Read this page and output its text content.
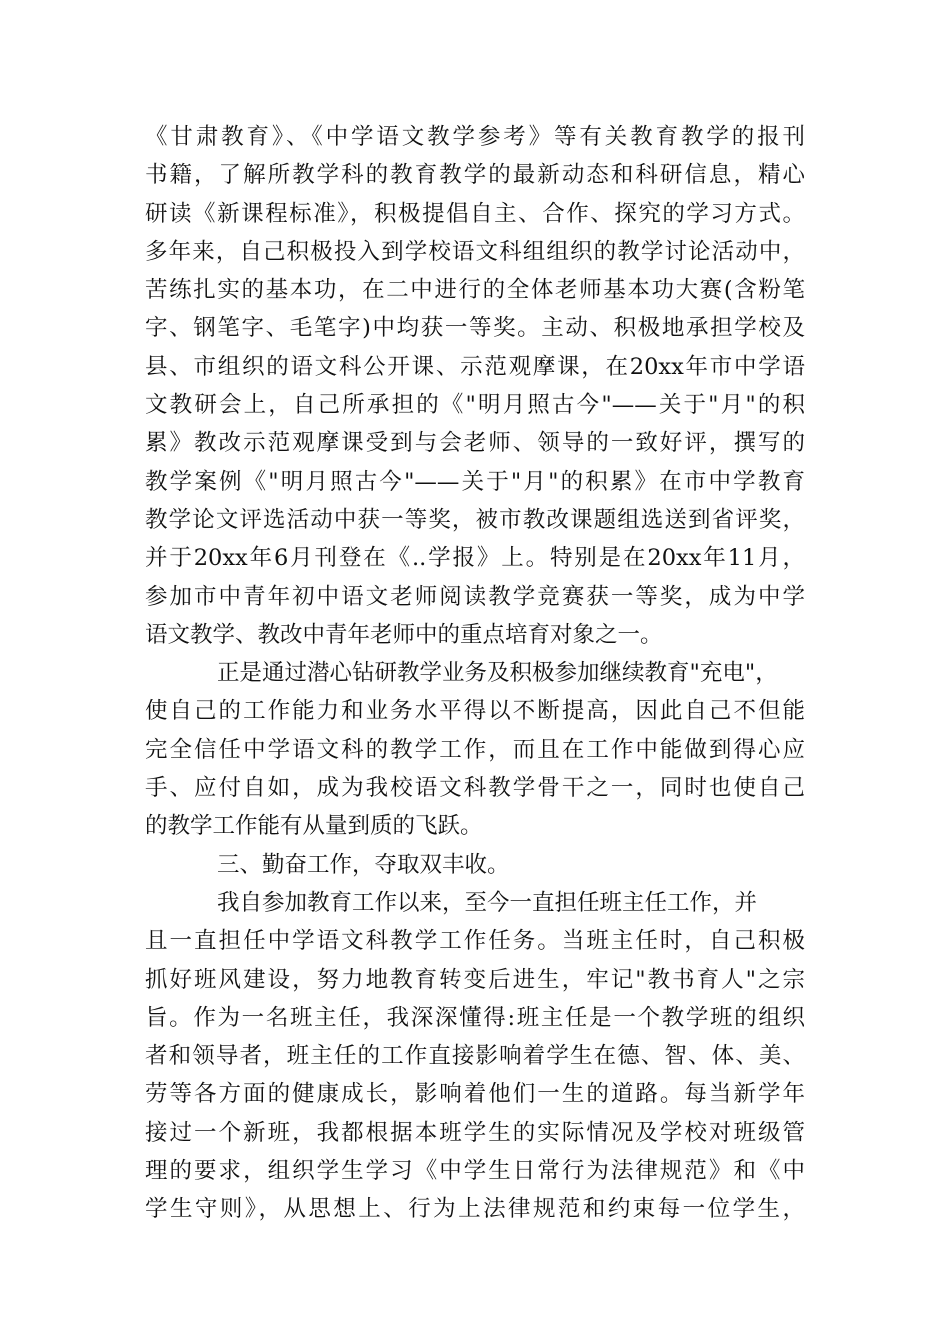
《甘肃教育》、《中学语文教学参考》等有关教育教学的报刊
书籍，了解所教学科的教育教学的最新动态和科研信息，精心
研读《新课程标准》，积极提倡自主、合作、探究的学习方式。
多年来，自己积极投入到学校语文科组组织的教学讨论活动中，
苦练扎实的基本功，在二中进行的全体老师基本功大赛(含粉笔
字、钢笔字、毛笔字)中均获一等奖。主动、积极地承担学校及
县、市组织的语文科公开课、示范观摩课，在20xx年市中学语
文教研会上，自己所承担的《"明月照古今"——关于"月"的积
累》教改示范观摩课受到与会老师、领导的一致好评，撰写的
教学案例《"明月照古今"——关于"月"的积累》在市中学教育
教学论文评选活动中获一等奖，被市教改课题组选送到省评奖，
并于20xx年6月刊登在《..学报》上。特别是在20xx年11月，
参加市中青年初中语文老师阅读教学竞赛获一等奖，成为中学
语文教学、教改中青年老师中的重点培育对象之一。
正是通过潜心钻研教学业务及积极参加继续教育"充电"，
使自己的工作能力和业务水平得以不断提高，因此自己不但能
完全信任中学语文科的教学工作，而且在工作中能做到得心应
手、应付自如，成为我校语文科教学骨干之一，同时也使自己
的教学工作能有从量到质的飞跃。
三、勤奋工作，夺取双丰收。
我自参加教育工作以来，至今一直担任班主任工作，并
且一直担任中学语文科教学工作任务。当班主任时，自己积极
抓好班风建设，努力地教育转变后进生，牢记"教书育人"之宗
旨。作为一名班主任，我深深懂得:班主任是一个教学班的组织
者和领导者，班主任的工作直接影响着学生在德、智、体、美、
劳等各方面的健康成长，影响着他们一生的道路。每当新学年
接过一个新班，我都根据本班学生的实际情况及学校对班级管
理的要求，组织学生学习《中学生日常行为法律规范》和《中
学生守则》，从思想上、行为上法律规范和约束每一位学生，
